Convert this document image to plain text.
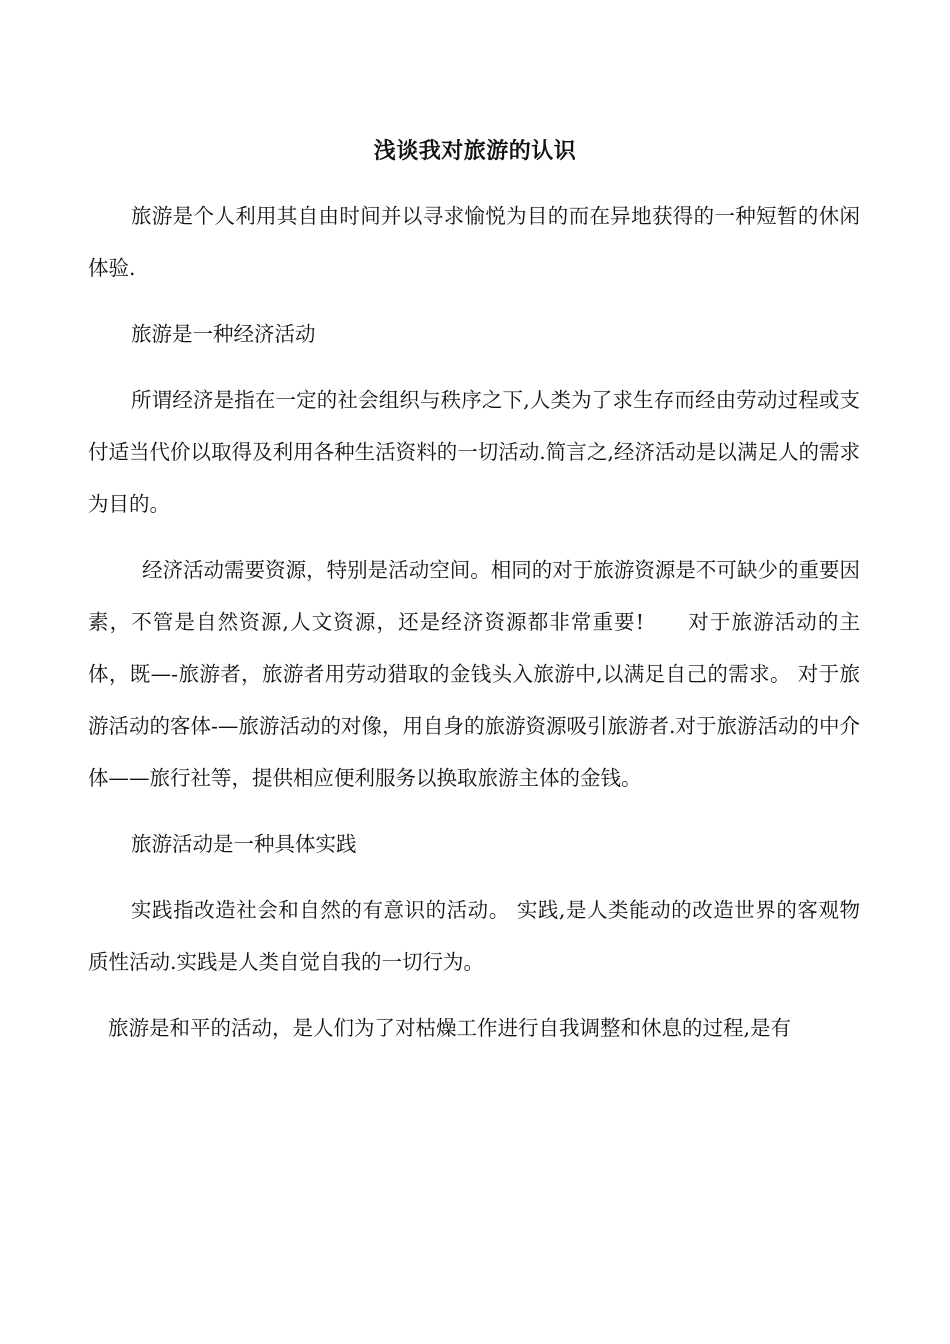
浅谈我对旅游的认识

旅游是个人利用其自由时间并以寻求愉悦为目的而在异地获得的一种短暂的休闲体验.

旅游是一种经济活动

所谓经济是指在一定的社会组织与秩序之下,人类为了求生存而经由劳动过程或支付适当代价以取得及利用各种生活资料的一切活动.简言之,经济活动是以满足人的需求为目的。

经济活动需要资源，特别是活动空间。相同的对于旅游资源是不可缺少的重要因素，不管是自然资源,人文资源，还是经济资源都非常重要!　　对于旅游活动的主体，既—-旅游者，旅游者用劳动猎取的金钱头入旅游中,以满足自己的需求。 对于旅游活动的客体-—旅游活动的对像，用自身的旅游资源吸引旅游者.对于旅游活动的中介体——旅行社等，提供相应便利服务以换取旅游主体的金钱。

旅游活动是一种具体实践

实践指改造社会和自然的有意识的活动。 实践,是人类能动的改造世界的客观物质性活动.实践是人类自觉自我的一切行为。

旅游是和平的活动，是人们为了对枯燥工作进行自我调整和休息的过程,是有
